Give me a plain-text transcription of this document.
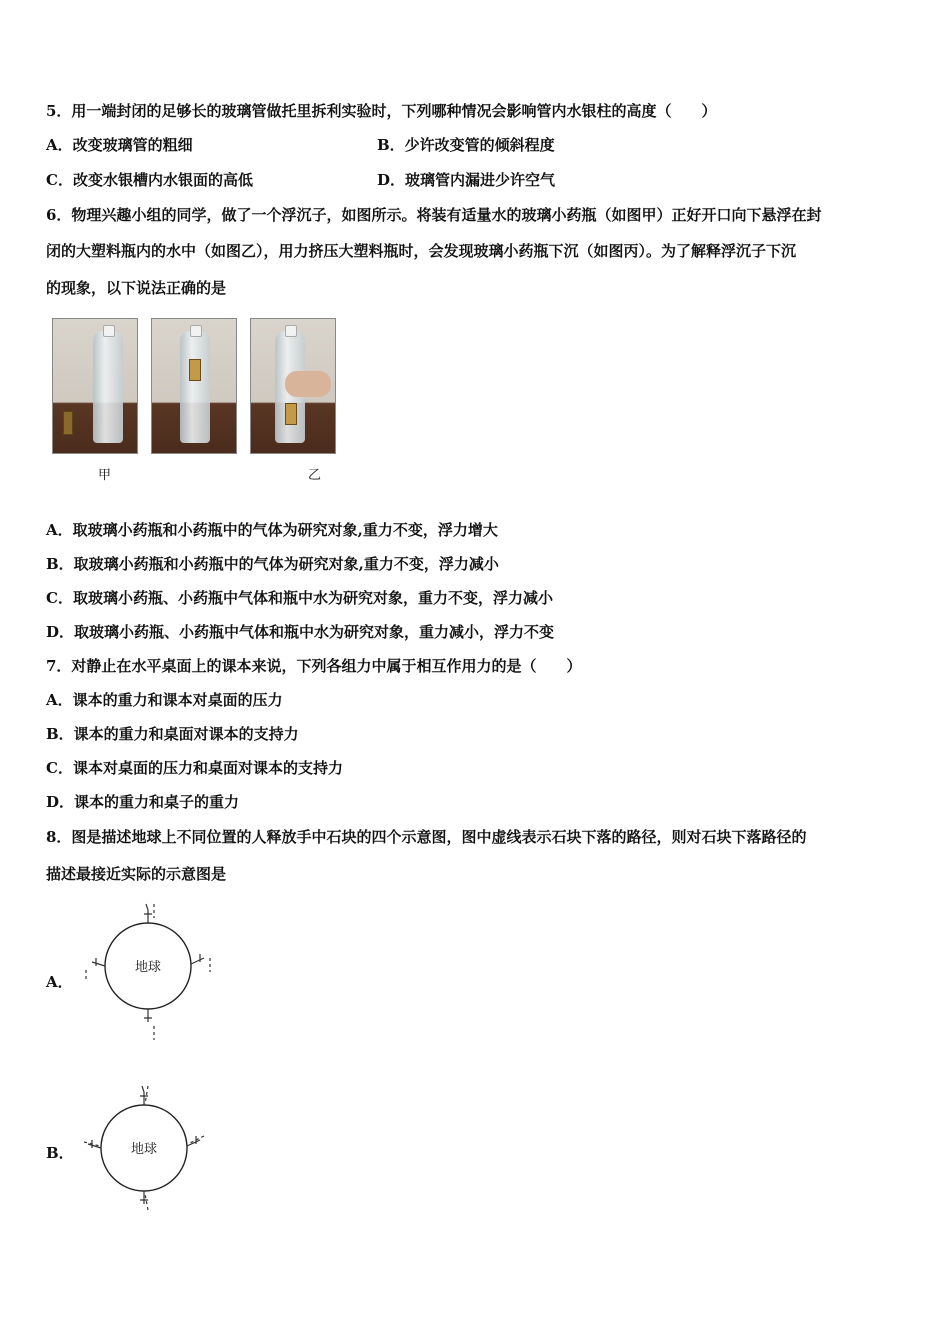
5．用一端封闭的足够长的玻璃管做托里拆利实验时，下列哪种情况会影响管内水银柱的高度（　　）
A．改变玻璃管的粗细	B．少许改变管的倾斜程度
C．改变水银槽内水银面的高低	D．玻璃管内漏进少许空气
6．物理兴趣小组的同学，做了一个浮沉子，如图所示。将装有适量水的玻璃小药瓶（如图甲）正好开口向下悬浮在封
闭的大塑料瓶内的水中（如图乙），用力挤压大塑料瓶时，会发现玻璃小药瓶下沉（如图丙）。为了解释浮沉子下沉
的现象，以下说法正确的是
甲	乙
A．取玻璃小药瓶和小药瓶中的气体为研究对象,重力不变，浮力增大
B．取玻璃小药瓶和小药瓶中的气体为研究对象,重力不变，浮力减小
C．取玻璃小药瓶、小药瓶中气体和瓶中水为研究对象，重力不变，浮力减小
D．取玻璃小药瓶、小药瓶中气体和瓶中水为研究对象，重力减小，浮力不变
7．对静止在水平桌面上的课本来说，下列各组力中属于相互作用力的是（　　）
A．课本的重力和课本对桌面的压力
B．课本的重力和桌面对课本的支持力
C．课本对桌面的压力和桌面对课本的支持力
D．课本的重力和桌子的重力
8．图是描述地球上不同位置的人释放手中石块的四个示意图，图中虚线表示石块下落的路径，则对石块下落路径的
描述最接近实际的示意图是
A．
地球
B．	地球
